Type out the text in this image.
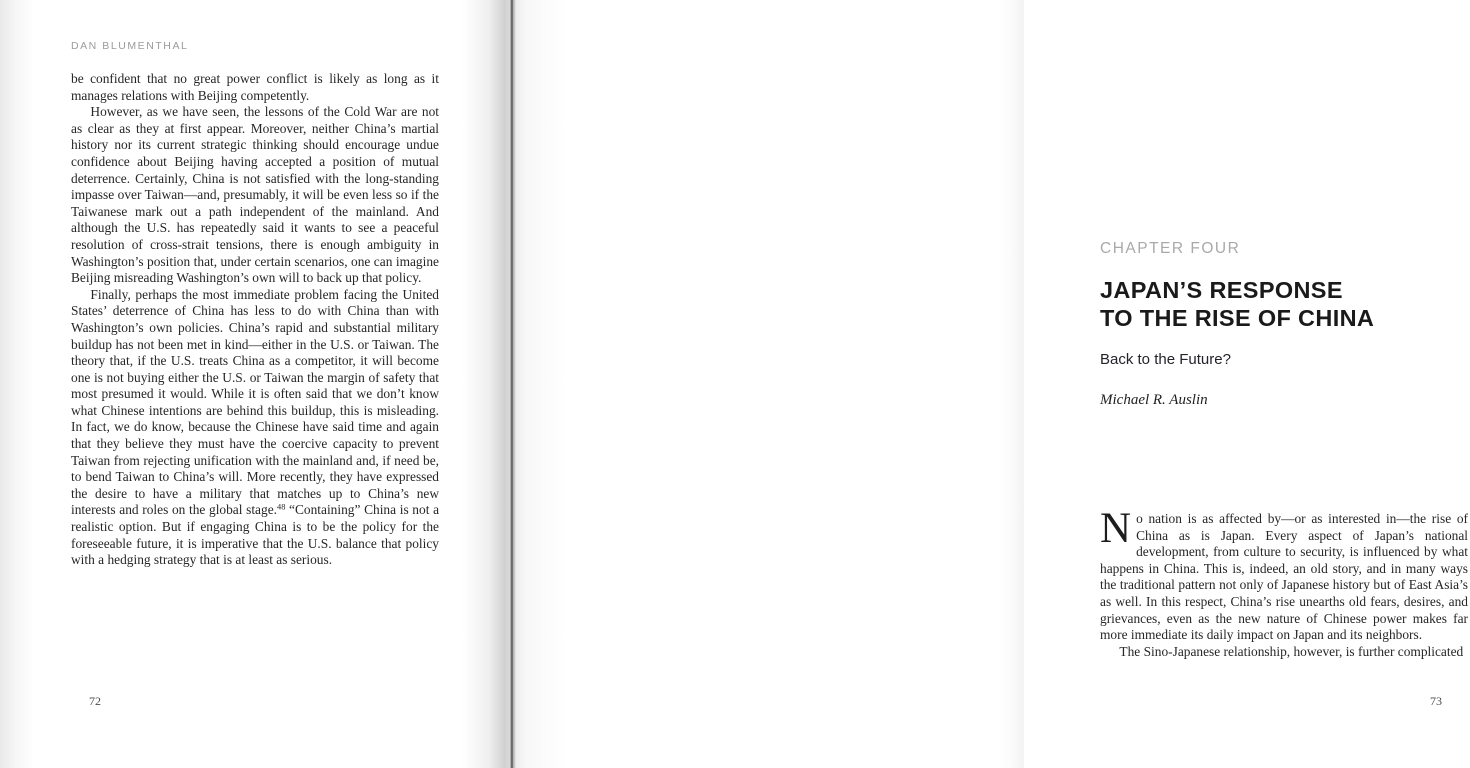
DAN BLUMENTHAL

be confident that no great power conflict is likely as long as it manages relations with Beijing competently.

However, as we have seen, the lessons of the Cold War are not as clear as they at first appear. Moreover, neither China’s martial history nor its current strategic thinking should encourage undue confidence about Beijing having accepted a position of mutual deterrence. Certainly, China is not satisfied with the long-standing impasse over Taiwan—and, presumably, it will be even less so if the Taiwanese mark out a path independent of the mainland. And although the U.S. has repeatedly said it wants to see a peaceful resolution of cross-strait tensions, there is enough ambiguity in Washington’s position that, under certain scenarios, one can imagine Beijing misreading Washington’s own will to back up that policy.

Finally, perhaps the most immediate problem facing the United States’ deterrence of China has less to do with China than with Washington’s own policies. China’s rapid and substantial military buildup has not been met in kind—either in the U.S. or Taiwan. The theory that, if the U.S. treats China as a competitor, it will become one is not buying either the U.S. or Taiwan the margin of safety that most presumed it would. While it is often said that we don’t know what Chinese intentions are behind this buildup, this is misleading. In fact, we do know, because the Chinese have said time and again that they believe they must have the coercive capacity to prevent Taiwan from rejecting unification with the mainland and, if need be, to bend Taiwan to China’s will. More recently, they have expressed the desire to have a military that matches up to China’s new interests and roles on the global stage.$^{48}$ “Containing” China is not a realistic option. But if engaging China is to be the policy for the foreseeable future, it is imperative that the U.S. balance that policy with a hedging strategy that is at least as serious.

72
CHAPTER FOUR
JAPAN’S RESPONSE
TO THE RISE OF CHINA
Back to the Future?
Michael R. Auslin

No nation is as affected by—or as interested in—the rise of China as is Japan. Every aspect of Japan’s national development, from culture to security, is influenced by what happens in China. This is, indeed, an old story, and in many ways the traditional pattern not only of Japanese history but of East Asia’s as well. In this respect, China’s rise unearths old fears, desires, and grievances, even as the new nature of Chinese power makes far more immediate its daily impact on Japan and its neighbors.

The Sino-Japanese relationship, however, is further complicated

73
